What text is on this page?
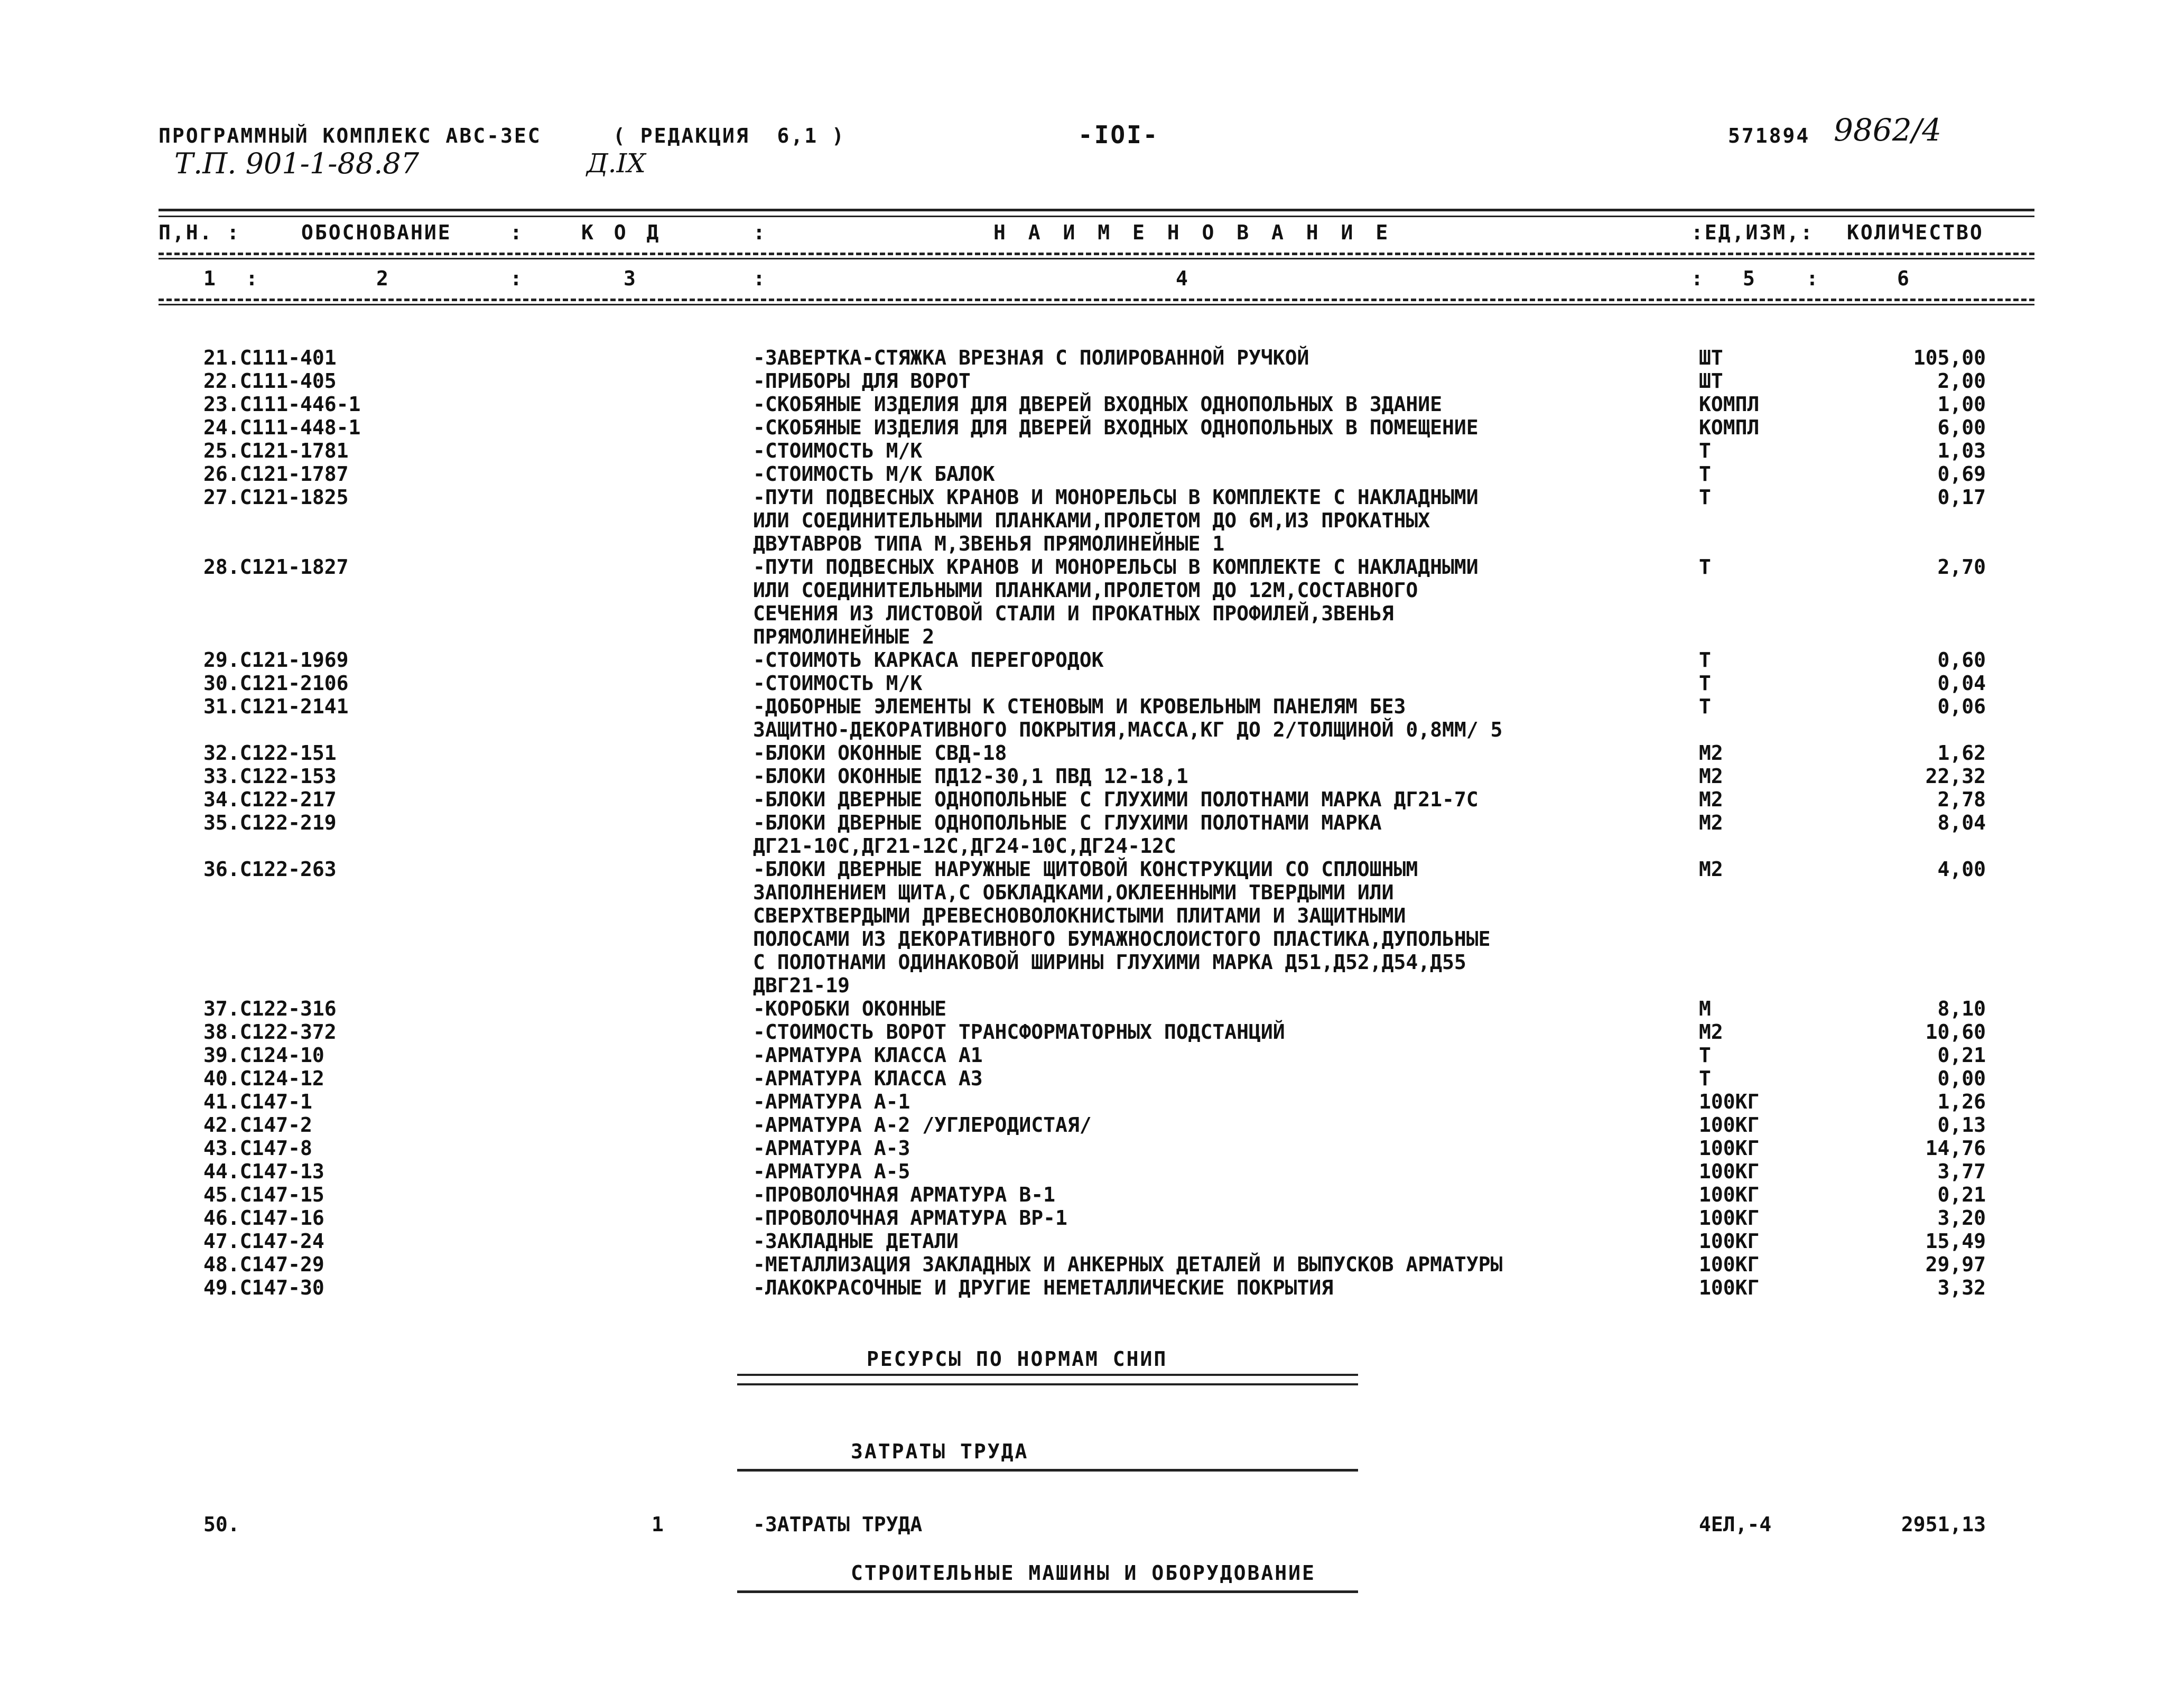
ПРОГРАММНЫЙ КОМПЛЕКС АВС-ЗЕС	( РЕДАКЦИЯ  6,1 )	-IOI-	571894 9862/4
Т.П. 901-1-88.87	Д.IX
П,Н. :	ОБОСНОВАНИЕ	:	К О Д	:	Н А И М Е Н О В А Н И Е	:ЕД,ИЗМ,: КОЛИЧЕСТВО
1 :	2	:	3	:	4	: 5 :	6
21.С111-401	-ЗАВЕРТКА-СТЯЖКА ВРЕЗНАЯ С ПОЛИРОВАННОЙ РУЧКОЙ	ШТ	105,00
22.С111-405	-ПРИБОРЫ ДЛЯ ВОРОТ	ШТ	2,00
23.С111-446-1	-СКОБЯНЫЕ ИЗДЕЛИЯ ДЛЯ ДВЕРЕЙ ВХОДНЫХ ОДНОПОЛЬНЫХ В ЗДАНИЕ	КОМПЛ	1,00
24.С111-448-1	-СКОБЯНЫЕ ИЗДЕЛИЯ ДЛЯ ДВЕРЕЙ ВХОДНЫХ ОДНОПОЛЬНЫХ В ПОМЕЩЕНИЕ	КОМПЛ	6,00
25.С121-1781	-СТОИМОСТЬ М/К	Т	1,03
26.С121-1787	-СТОИМОСТЬ М/К БАЛОК	Т	0,69
27.С121-1825	-ПУТИ ПОДВЕСНЫХ КРАНОВ И МОНОРЕЛЬСЫ В КОМПЛЕКТЕ С НАКЛАДНЫМИ
ИЛИ СОЕДИНИТЕЛЬНЫМИ ПЛАНКАМИ,ПРОЛЕТОМ ДО 6М,ИЗ ПРОКАТНЫХ
ДВУТАВРОВ ТИПА М,ЗВЕНЬЯ ПРЯМОЛИНЕЙНЫЕ 1
Т	0,17
28.С121-1827	-ПУТИ ПОДВЕСНЫХ КРАНОВ И МОНОРЕЛЬСЫ В КОМПЛЕКТЕ С НАКЛАДНЫМИ
ИЛИ СОЕДИНИТЕЛЬНЫМИ ПЛАНКАМИ,ПРОЛЕТОМ ДО 12М,СОСТАВНОГО
СЕЧЕНИЯ ИЗ ЛИСТОВОЙ СТАЛИ И ПРОКАТНЫХ ПРОФИЛЕЙ,ЗВЕНЬЯ
ПРЯМОЛИНЕЙНЫЕ 2
Т	2,70
29.С121-1969	-СТОИМОТЬ КАРКАСА ПЕРЕГОРОДОК	Т	0,60
30.С121-2106	-СТОИМОСТЬ М/К	Т	0,04
31.С121-2141	-ДОБОРНЫЕ ЭЛЕМЕНТЫ К СТЕНОВЫМ И КРОВЕЛЬНЫМ ПАНЕЛЯМ БЕЗ
ЗАЩИТНО-ДЕКОРАТИВНОГО ПОКРЫТИЯ,МАССА,КГ ДО 2/ТОЛЩИНОЙ 0,8ММ/ 5
Т	0,06
32.С122-151	-БЛОКИ ОКОННЫЕ СВД-18	М2	1,62
33.С122-153	-БЛОКИ ОКОННЫЕ ПД12-30,1 ПВД 12-18,1	М2	22,32
34.С122-217	-БЛОКИ ДВЕРНЫЕ ОДНОПОЛЬНЫЕ С ГЛУХИМИ ПОЛОТНАМИ МАРКА ДГ21-7С	М2	2,78
35.С122-219	-БЛОКИ ДВЕРНЫЕ ОДНОПОЛЬНЫЕ С ГЛУХИМИ ПОЛОТНАМИ МАРКА
ДГ21-10С,ДГ21-12С,ДГ24-10С,ДГ24-12С
М2	8,04
36.С122-263	-БЛОКИ ДВЕРНЫЕ НАРУЖНЫЕ ЩИТОВОЙ КОНСТРУКЦИИ СО СПЛОШНЫМ
ЗАПОЛНЕНИЕМ ЩИТА,С ОБКЛАДКАМИ,ОКЛЕЕННЫМИ ТВЕРДЫМИ ИЛИ
СВЕРХТВЕРДЫМИ ДРЕВЕСНОВОЛОКНИСТЫМИ ПЛИТАМИ И ЗАЩИТНЫМИ
ПОЛОСАМИ ИЗ ДЕКОРАТИВНОГО БУМАЖНОСЛОИСТОГО ПЛАСТИКА,ДУПОЛЬНЫЕ
С ПОЛОТНАМИ ОДИНАКОВОЙ ШИРИНЫ ГЛУХИМИ МАРКА Д51,Д52,Д54,Д55
ДВГ21-19
М2	4,00
37.С122-316	-КОРОБКИ ОКОННЫЕ	М	8,10
38.С122-372	-СТОИМОСТЬ ВОРОТ ТРАНСФОРМАТОРНЫХ ПОДСТАНЦИЙ	М2	10,60
39.С124-10	-АРМАТУРА КЛАССА А1	Т	0,21
40.С124-12	-АРМАТУРА КЛАССА А3	Т	0,00
41.С147-1	-АРМАТУРА А-1	100КГ	1,26
42.С147-2	-АРМАТУРА А-2 /УГЛЕРОДИСТАЯ/	100КГ	0,13
43.С147-8	-АРМАТУРА А-3	100КГ	14,76
44.С147-13	-АРМАТУРА А-5	100КГ	3,77
45.С147-15	-ПРОВОЛОЧНАЯ АРМАТУРА В-1	100КГ	0,21
46.С147-16	-ПРОВОЛОЧНАЯ АРМАТУРА ВР-1	100КГ	3,20
47.С147-24	-ЗАКЛАДНЫЕ ДЕТАЛИ	100КГ	15,49
48.С147-29	-МЕТАЛЛИЗАЦИЯ ЗАКЛАДНЫХ И АНКЕРНЫХ ДЕТАЛЕЙ И ВЫПУСКОВ АРМАТУРЫ	100КГ	29,97
49.С147-30	-ЛАКОКРАСОЧНЫЕ И ДРУГИЕ НЕМЕТАЛЛИЧЕСКИЕ ПОКРЫТИЯ	100КГ	3,32
РЕСУРСЫ ПО НОРМАМ СНИП
ЗАТРАТЫ ТРУДА
50.	1	-ЗАТРАТЫ ТРУДА	4ЕЛ,-4	2951,13
СТРОИТЕЛЬНЫЕ МАШИНЫ И ОБОРУДОВАНИЕ
